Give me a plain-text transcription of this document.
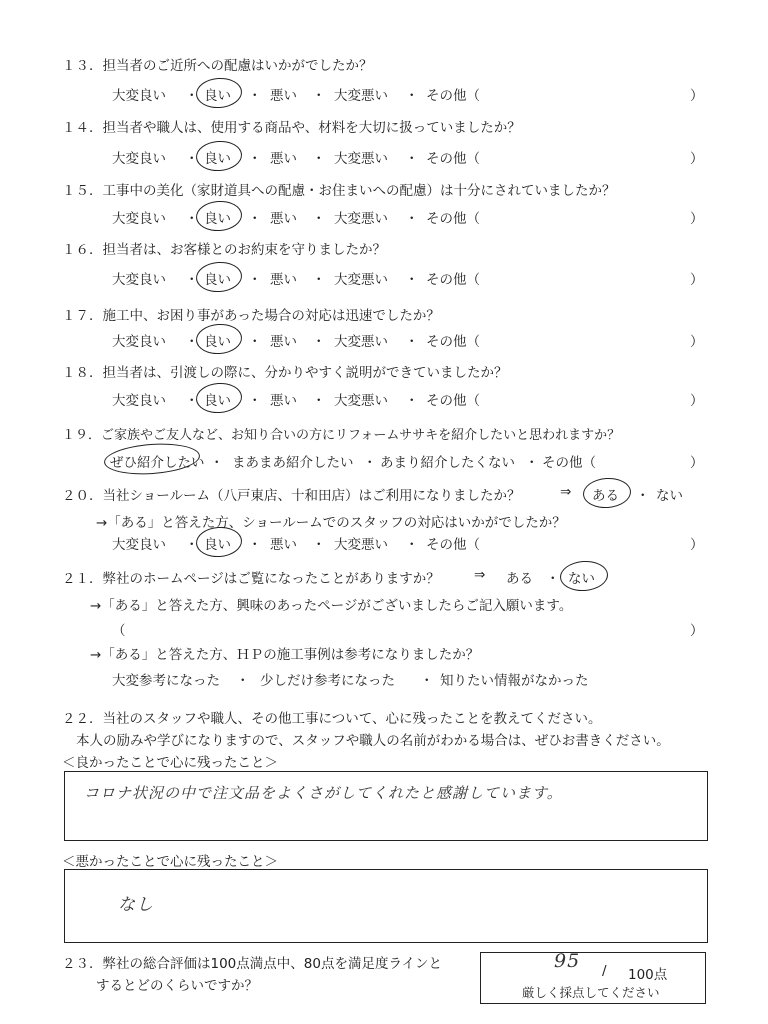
１３．担当者のご近所への配慮はいかがでしたか？
大変良い ・ 良い ・ 悪い ・ 大変悪い ・ その他（	）
１４．担当者や職人は、使用する商品や、材料を大切に扱っていましたか？
大変良い ・ 良い ・ 悪い ・ 大変悪い ・ その他（	）
１５．工事中の美化（家財道具への配慮・お住まいへの配慮）は十分にされていましたか？
大変良い ・ 良い ・ 悪い ・ 大変悪い ・ その他（	）
１６．担当者は、お客様とのお約束を守りましたか？
大変良い ・ 良い ・ 悪い ・ 大変悪い ・ その他（	）
１７．施工中、お困り事があった場合の対応は迅速でしたか？
大変良い ・ 良い ・ 悪い ・ 大変悪い ・ その他（	）
１８．担当者は、引渡しの際に、分かりやすく説明ができていましたか？
大変良い ・ 良い ・ 悪い ・ 大変悪い ・ その他（	）
１９．ご家族やご友人など、お知り合いの方にリフォームササキを紹介したいと思われますか？
ぜひ紹介したい ・ まあまあ紹介したい ・ あまり紹介したくない ・ その他（	）
２０．当社ショールーム（八戸東店、十和田店）はご利用になりましたか？	⇒ ある ・ ない
→「ある」と答えた方、ショールームでのスタッフの対応はいかがでしたか？
大変良い ・ 良い ・ 悪い ・ 大変悪い ・ その他（	）
２１．弊社のホームページはご覧になったことがありますか？	⇒ ある ・ ない
→「ある」と答えた方、興味のあったページがございましたらご記入願います。
（	）
→「ある」と答えた方、ＨＰの施工事例は参考になりましたか？
大変参考になった ・ 少しだけ参考になった ・ 知りたい情報がなかった
２２．当社のスタッフや職人、その他工事について、心に残ったことを教えてください。
本人の励みや学びになりますので、スタッフや職人の名前がわかる場合は、ぜひお書きください。
＜良かったことで心に残ったこと＞
コロナ状況の中で注文品をよくさがしてくれたと感謝しています。
＜悪かったことで心に残ったこと＞
なし
２３．弊社の総合評価は100点満点中、80点を満足度ラインと
するとどのくらいですか？
95 / 100点
厳しく採点してください
